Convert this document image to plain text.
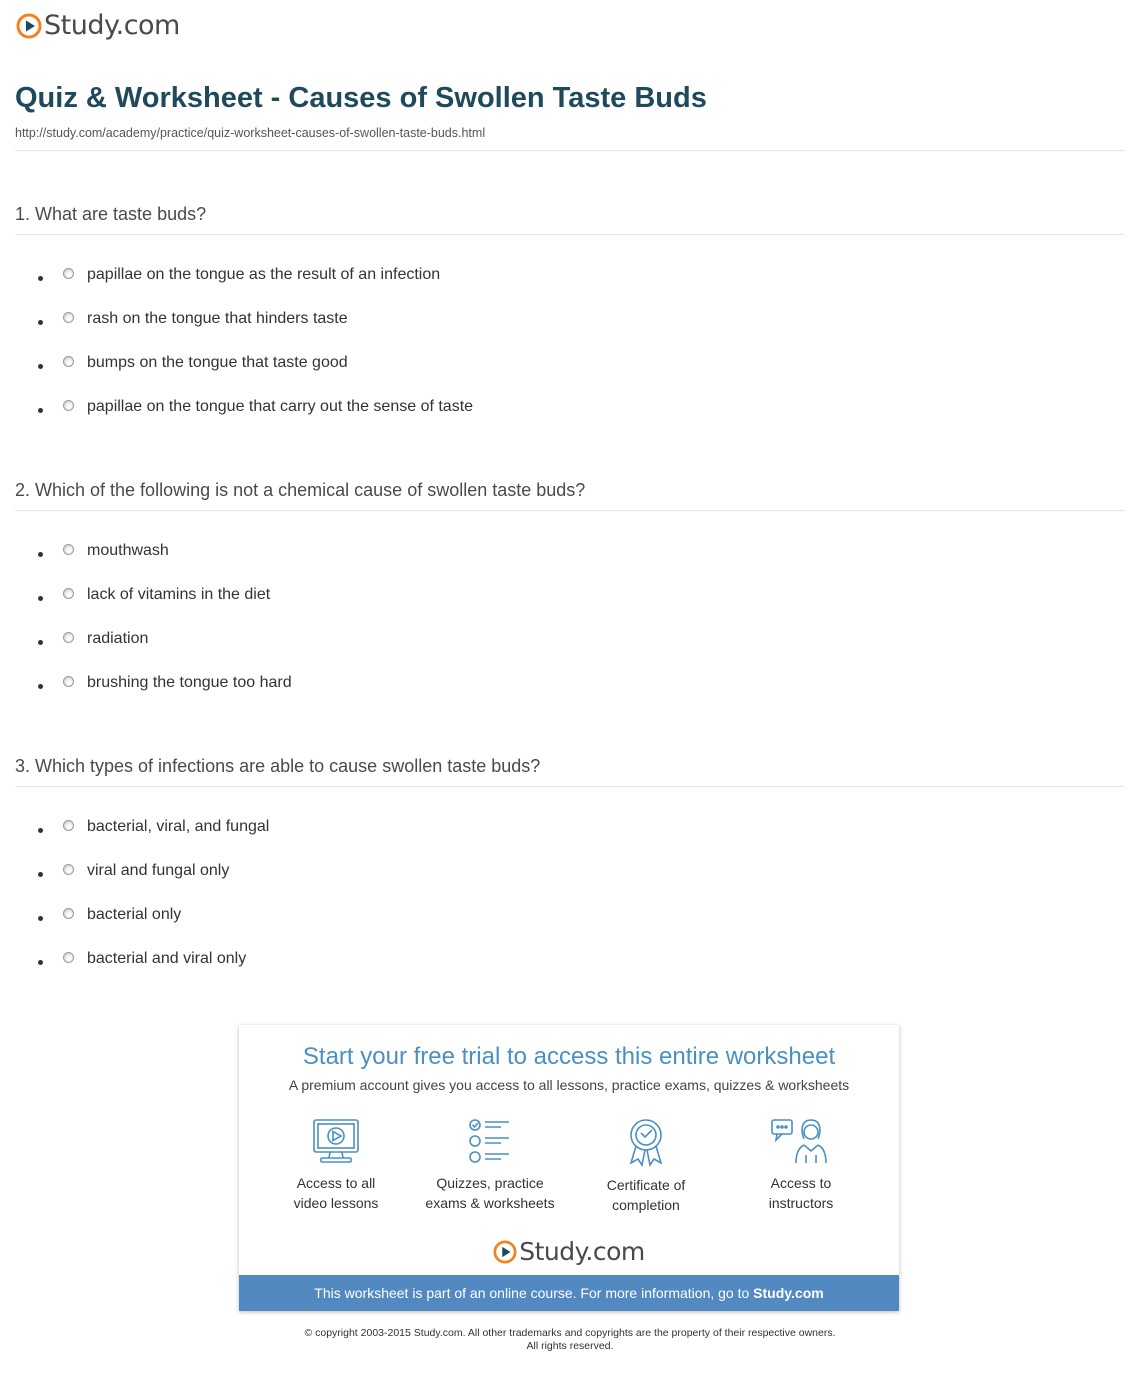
Study.com
Quiz & Worksheet - Causes of Swollen Taste Buds
http://study.com/academy/practice/quiz-worksheet-causes-of-swollen-taste-buds.html
1. What are taste buds?
papillae on the tongue as the result of an infection
rash on the tongue that hinders taste
bumps on the tongue that taste good
papillae on the tongue that carry out the sense of taste
2. Which of the following is not a chemical cause of swollen taste buds?
mouthwash
lack of vitamins in the diet
radiation
brushing the tongue too hard
3. Which types of infections are able to cause swollen taste buds?
bacterial, viral, and fungal
viral and fungal only
bacterial only
bacterial and viral only
Start your free trial to access this entire worksheet
A premium account gives you access to all lessons, practice exams, quizzes & worksheets
Access to all
video lessons
Quizzes, practice
exams & worksheets
Certificate of
completion
Access to
instructors
Study.com
This worksheet is part of an online course. For more information, go to Study.com
© copyright 2003-2015 Study.com. All other trademarks and copyrights are the property of their respective owners.
All rights reserved.
